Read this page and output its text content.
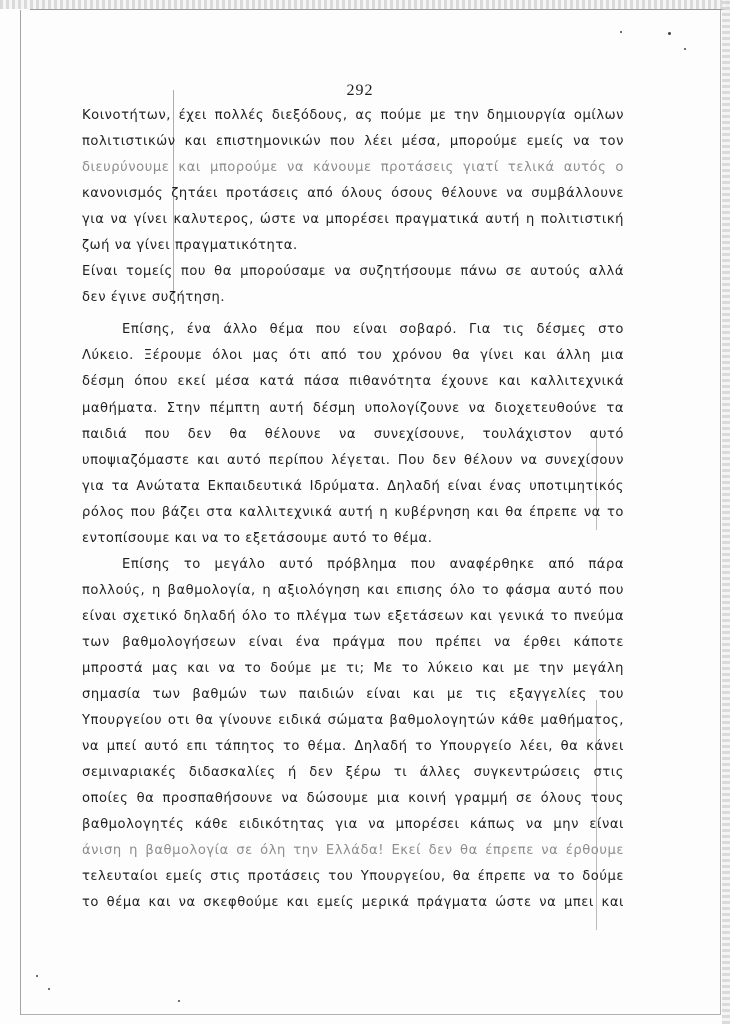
292
Κοινοτήτων, έχει πολλές διεξόδους, ας πούμε με την δημιουργία ομίλων
πολιτιστικών και επιστημονικών που λέει μέσα, μπορούμε εμείς να τον
διευρύνουμε και μπορούμε να κάνουμε προτάσεις γιατί τελικά αυτός ο
κανονισμός ζητάει προτάσεις από όλους όσους θέλουνε να συμβάλλουνε
για να γίνει καλυτερος, ώστε να μπορέσει πραγματικά αυτή η πολιτιστική
ζωή να γίνει πραγματικότητα.
Είναι τομείς που θα μπορούσαμε να συζητήσουμε πάνω σε αυτούς αλλά
δεν έγινε συζήτηση.
Επίσης, ένα άλλο θέμα που είναι σοβαρό. Για τις δέσμες στο
Λύκειο. Ξέρουμε όλοι μας ότι από του χρόνου θα γίνει και άλλη μια
δέσμη όπου εκεί μέσα κατά πάσα πιθανότητα έχουνε και καλλιτεχνικά
μαθήματα. Στην πέμπτη αυτή δέσμη υπολογίζουνε να διοχετευθούνε τα
παιδιά που δεν θα θέλουνε να συνεχίσουνε, τουλάχιστον αυτό
υποψιαζόμαστε και αυτό περίπου λέγεται. Που δεν θέλουν να συνεχίσουν
για τα Ανώτατα Εκπαιδευτικά Ιδρύματα. Δηλαδή είναι ένας υποτιμητικός
ρόλος που βάζει στα καλλιτεχνικά αυτή η κυβέρνηση και θα έπρεπε να το
εντοπίσουμε και να το εξετάσουμε αυτό το θέμα.
Επίσης το μεγάλο αυτό πρόβλημα που αναφέρθηκε από πάρα
πολλούς, η βαθμολογία, η αξιολόγηση και επισης όλο το φάσμα αυτό που
είναι σχετικό δηλαδή όλο το πλέγμα των εξετάσεων και γενικά το πνεύμα
των βαθμολογήσεων είναι ένα πράγμα που πρέπει να έρθει κάποτε
μπροστά μας και να το δούμε με τι; Με το λύκειο και με την μεγάλη
σημασία των βαθμών των παιδιών είναι και με τις εξαγγελίες του
Υπουργείου οτι θα γίνουνε ειδικά σώματα βαθμολογητών κάθε μαθήματος,
να μπεί αυτό επι τάπητος το θέμα. Δηλαδή το Υπουργείο λέει, θα κάνει
σεμιναριακές διδασκαλίες ή δεν ξέρω τι άλλες συγκεντρώσεις στις
οποίες θα προσπαθήσουνε να δώσουμε μια κοινή γραμμή σε όλους τους
βαθμολογητές κάθε ειδικότητας για να μπορέσει κάπως να μην είναι
άνιση η βαθμολογία σε όλη την Ελλάδα! Εκεί δεν θα έπρεπε να έρθουμε
τελευταίοι εμείς στις προτάσεις του Υπουργείου, θα έπρεπε να το δούμε
το θέμα και να σκεφθούμε και εμείς μερικά πράγματα ώστε να μπει και
